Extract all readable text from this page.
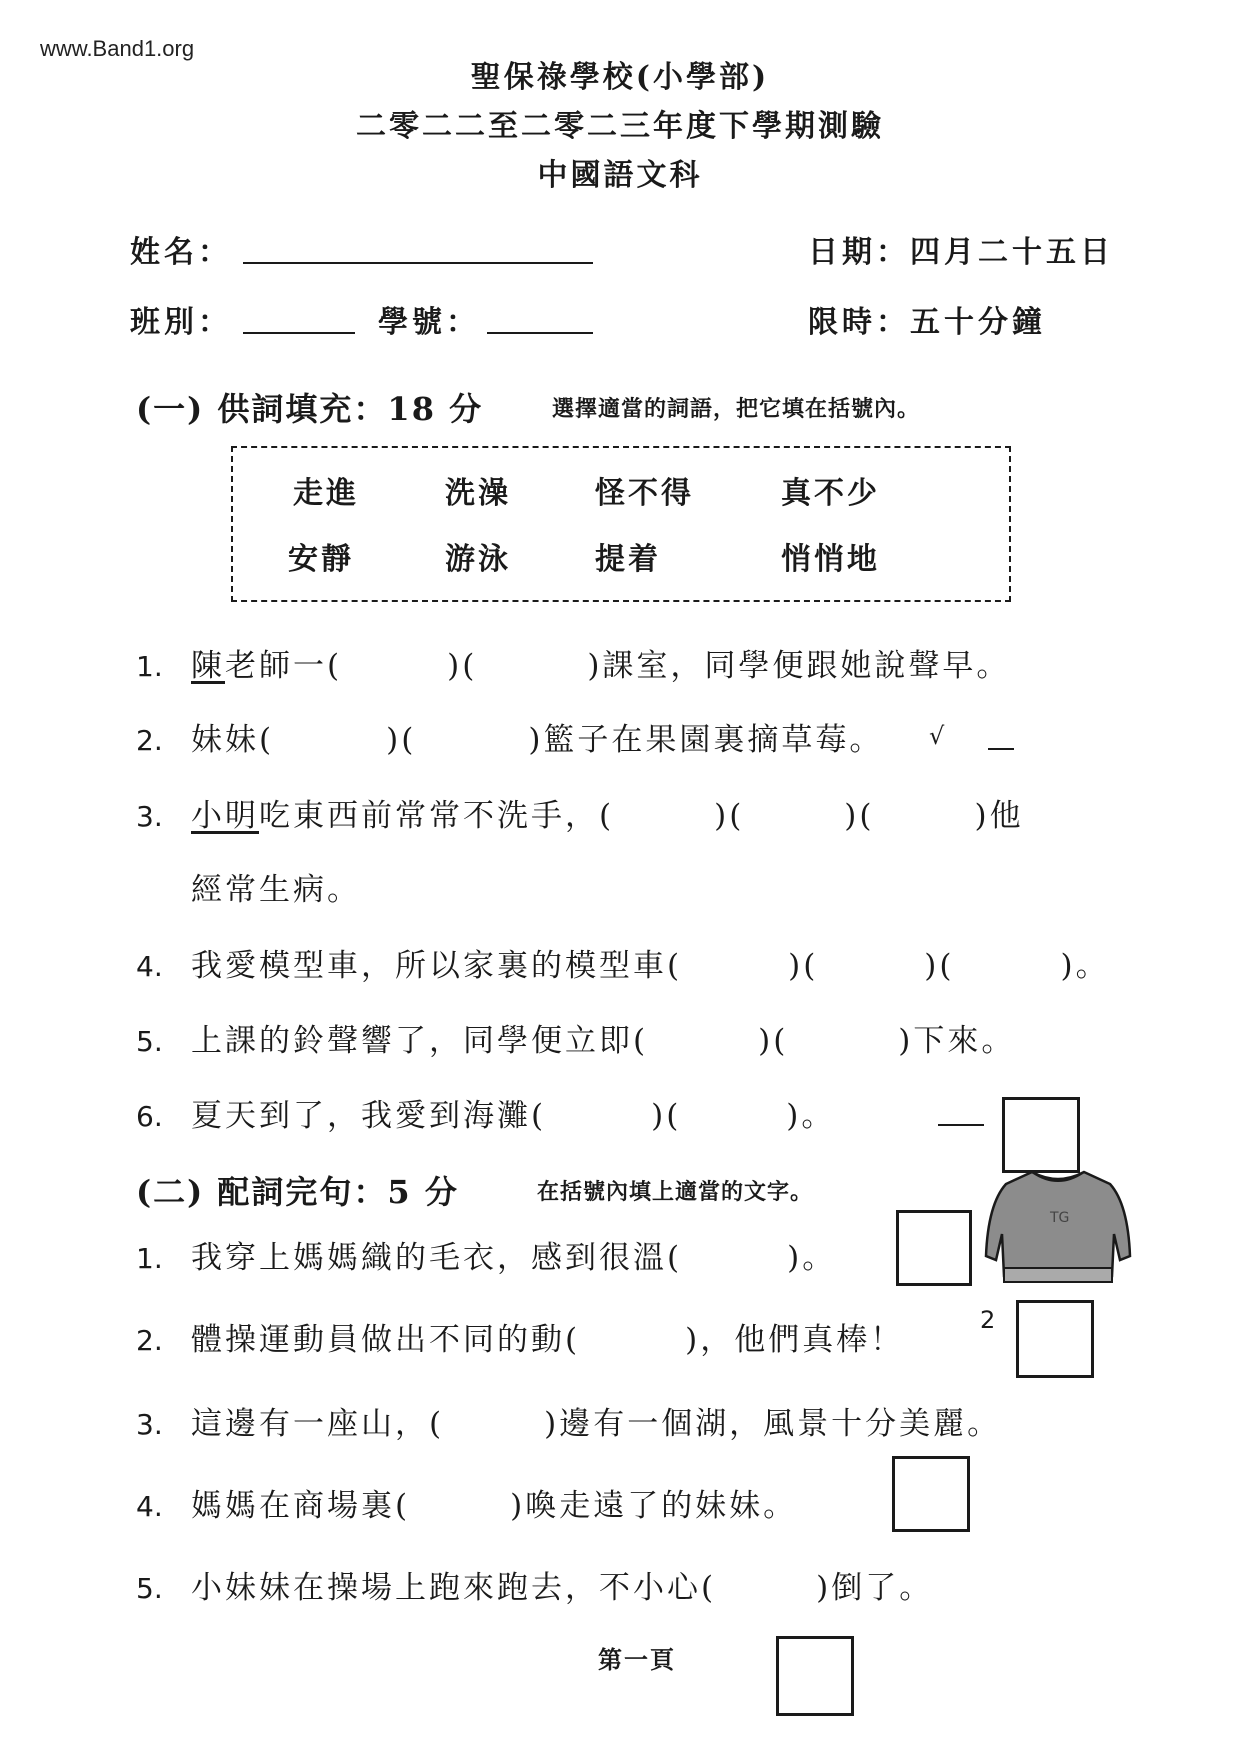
www.Band1.org
聖保祿學校(小學部)
二零二二至二零二三年度下學期測驗
中國語文科
姓名：	日期：四月二十五日
班別：	學號：	限時：五十分鐘
(一) 供詞填充：18 分	選擇適當的詞語，把它填在括號內。
走進	洗澡	怪不得	真不少
安靜	游泳	提着	悄悄地
1. 陳老師一(	)(	)課室，同學便跟她說聲早。
2. 妹妹(	)(	)籃子在果園裏摘草莓。
3. 小明吃東西前常常不洗手，(	)(	)(	)他
經常生病。
4. 我愛模型車，所以家裏的模型車(	)(	)(	)。
5. 上課的鈴聲響了，同學便立即(	)(	)下來。
6. 夏天到了，我愛到海灘(	)(	)。
√
(二) 配詞完句：5 分	在括號內填上適當的文字。
1. 我穿上媽媽織的毛衣，感到很溫(	)。
2. 體操運動員做出不同的動(	)，他們真棒！
3. 這邊有一座山，(	)邊有一個湖，風景十分美麗。
4. 媽媽在商場裏(	)喚走遠了的妹妹。
5. 小妹妹在操場上跑來跑去，不小心(	)倒了。
2
TG
第一頁
